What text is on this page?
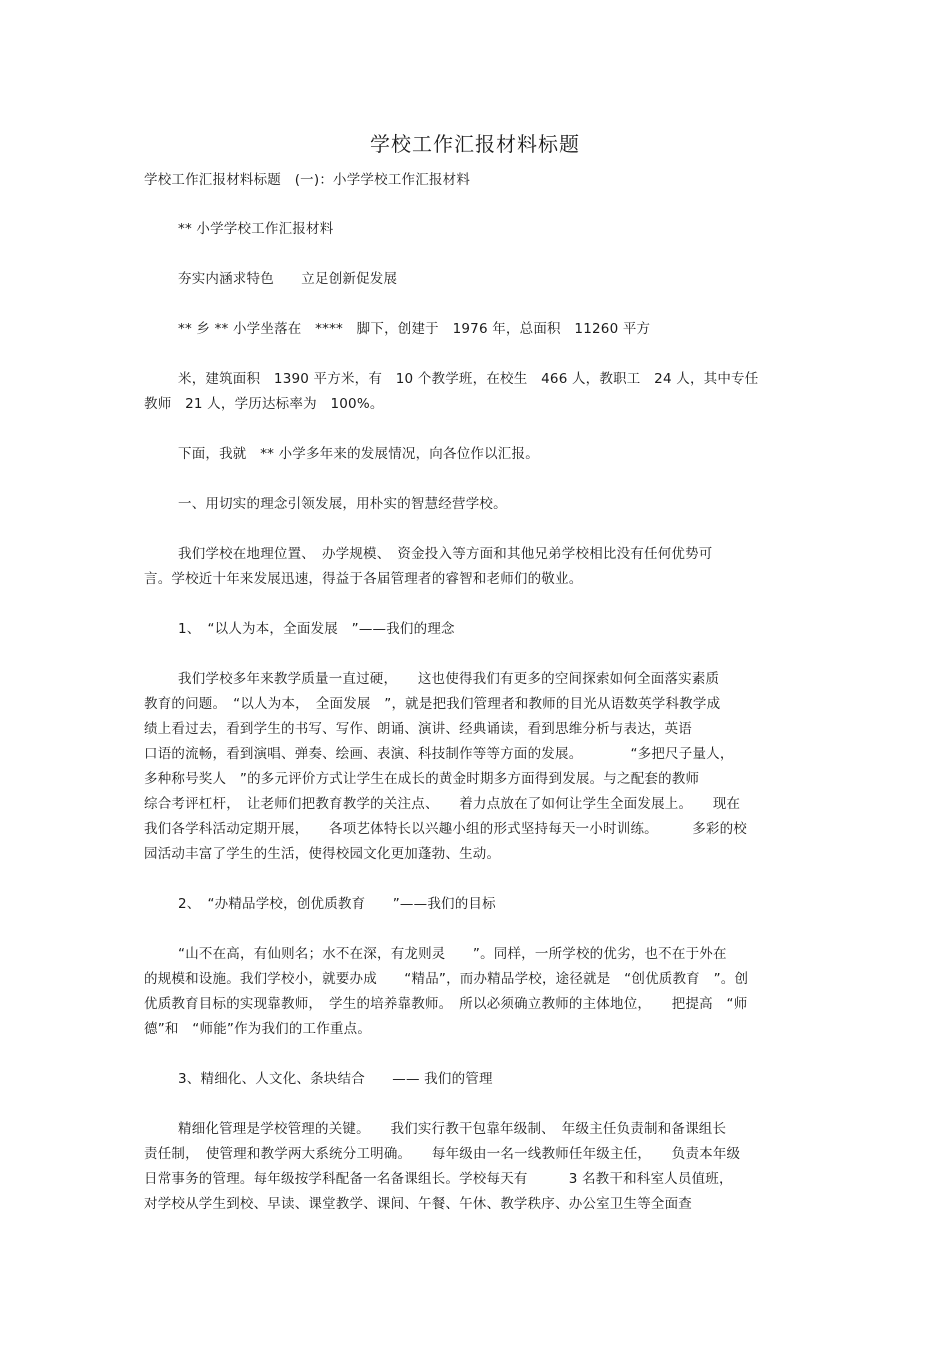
学校工作汇报材料标题
学校工作汇报材料标题　(一)：小学学校工作汇报材料
** 小学学校工作汇报材料
夯实内涵求特色　　立足创新促发展
** 乡 ** 小学坐落在　****　脚下，创建于　1976 年，总面积　11260 平方
米，建筑面积　1390 平方米，有　10 个教学班，在校生　466 人，教职工　24 人，其中专任
教师　21 人，学历达标率为　100%。
下面，我就　** 小学多年来的发展情况，向各位作以汇报。
一、用切实的理念引领发展，用朴实的智慧经营学校。
我们学校在地理位置、　办学规模、　资金投入等方面和其他兄弟学校相比没有任何优势可
言。学校近十年来发展迅速，得益于各届管理者的睿智和老师们的敬业。
1、　“以人为本，全面发展　”——我们的理念
我们学校多年来教学质量一直过硬，　　这也使得我们有更多的空间探索如何全面落实素质
教育的问题。　“以人为本，　全面发展　”，就是把我们管理者和教师的目光从语数英学科教学成
绩上看过去，看到学生的书写、写作、朗诵、演讲、经典诵读，看到思维分析与表达，英语
口语的流畅，看到演唱、弹奏、绘画、表演、科技制作等等方面的发展。　　　　“多把尺子量人，
多种称号奖人　”的多元评价方式让学生在成长的黄金时期多方面得到发展。与之配套的教师
综合考评杠杆，　让老师们把教育教学的关注点、　　着力点放在了如何让学生全面发展上。　　现在
我们各学科活动定期开展，　　各项艺体特长以兴趣小组的形式坚持每天一小时训练。　　　多彩的校
园活动丰富了学生的生活，使得校园文化更加蓬勃、生动。
2、　“办精品学校，创优质教育　　”——我们的目标
“山不在高，有仙则名；水不在深，有龙则灵　　”。同样，一所学校的优劣，也不在于外在
的规模和设施。我们学校小，就要办成　　“精品”，而办精品学校，途径就是　“创优质教育　”。创
优质教育目标的实现靠教师，　学生的培养靠教师。　所以必须确立教师的主体地位，　　把提高　“师
德”和　“师能”作为我们的工作重点。
3、精细化、人文化、条块结合　　—— 我们的管理
精细化管理是学校管理的关键。　　我们实行教干包靠年级制、　年级主任负责制和备课组长
责任制，　使管理和教学两大系统分工明确。　　每年级由一名一线教师任年级主任，　　负责本年级
日常事务的管理。每年级按学科配备一名备课组长。学校每天有　　　3 名教干和科室人员值班，
对学校从学生到校、早读、课堂教学、课间、午餐、午休、教学秩序、办公室卫生等全面查
